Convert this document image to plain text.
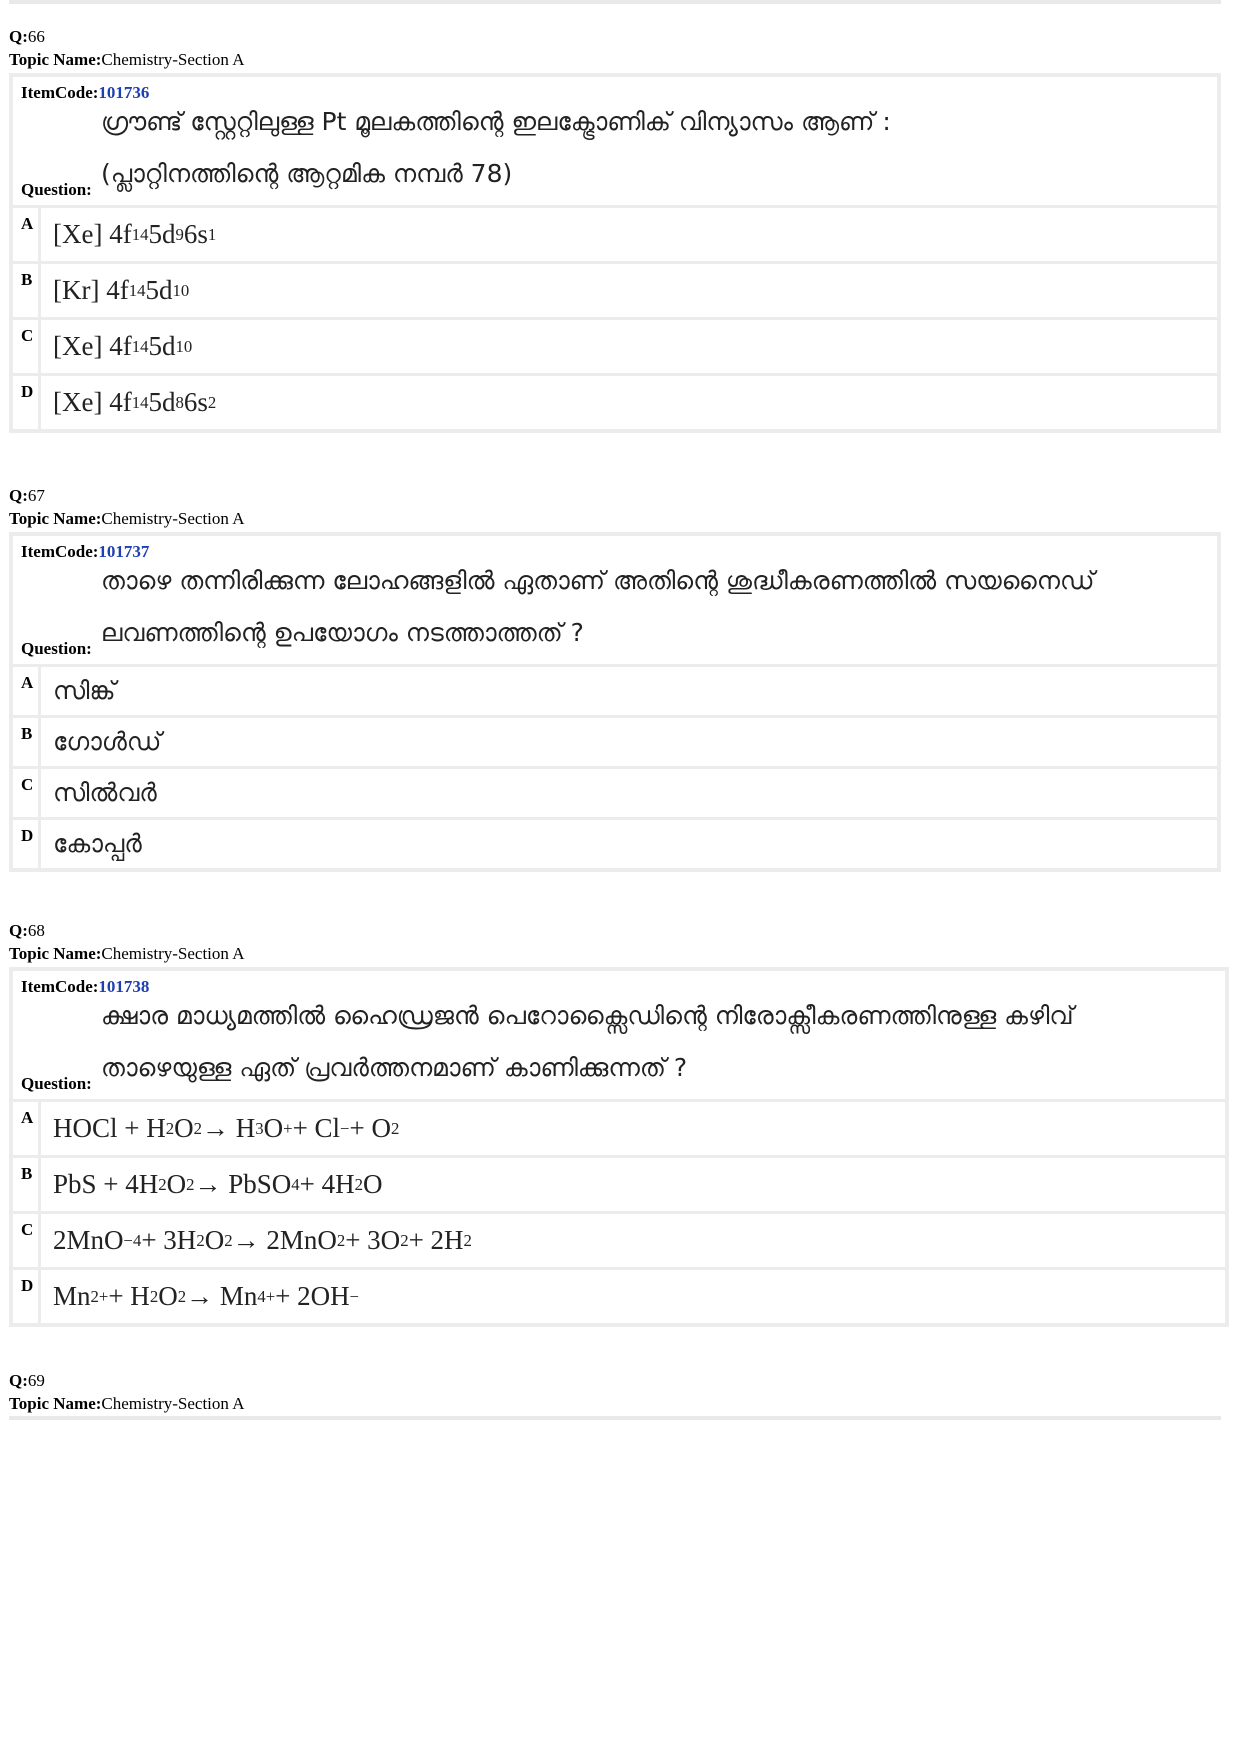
Q:66
Topic Name:Chemistry-Section A
ItemCode:101736
ഗ്രൗണ്ട് സ്റ്റേറ്റിലുള്ള Pt മൂലകത്തിന്റെ ഇലക്ട്രോണിക് വിന്യാസം ആണ് :
(പ്ലാറ്റിനത്തിന്റെ ആറ്റമിക നമ്പർ 78)
Question:
A [Xe] 4f 14 5d 9 6s 1
B [Kr] 4f 14 5d 10
C [Xe] 4f 14 5d 10
D [Xe] 4f 14 5d 8 6s 2
Q:67
Topic Name:Chemistry-Section A
ItemCode:101737
താഴെ തന്നിരിക്കുന്ന ലോഹങ്ങളിൽ ഏതാണ് അതിന്റെ ശുദ്ധീകരണത്തിൽ സയനൈഡ്
ലവണത്തിന്റെ ഉപയോഗം നടത്താത്തത് ?
Question:
A സിങ്ക്
B ഗോൾഡ്
C സിൽവർ
D കോപ്പർ
Q:68
Topic Name:Chemistry-Section A
ItemCode:101738
ക്ഷാര മാധ്യമത്തിൽ ഹൈഡ്രജൻ പെറോക്സൈഡിന്റെ നിരോക്സീകരണത്തിനുള്ള കഴിവ്
താഴെയുള്ള ഏത് പ്രവർത്തനമാണ് കാണിക്കുന്നത് ?
Question:
A HOCl + H 2 O 2 → H 3 O + + Cl − + O 2
B PbS + 4H 2 O 2 → PbSO 4 + 4H 2 O
C 2MnO −4 + 3H 2 O 2 → 2MnO 2 + 3O 2 + 2H 2
D Mn 2+ + H 2 O 2 → Mn 4+ + 2OH −
Q:69
Topic Name:Chemistry-Section A
